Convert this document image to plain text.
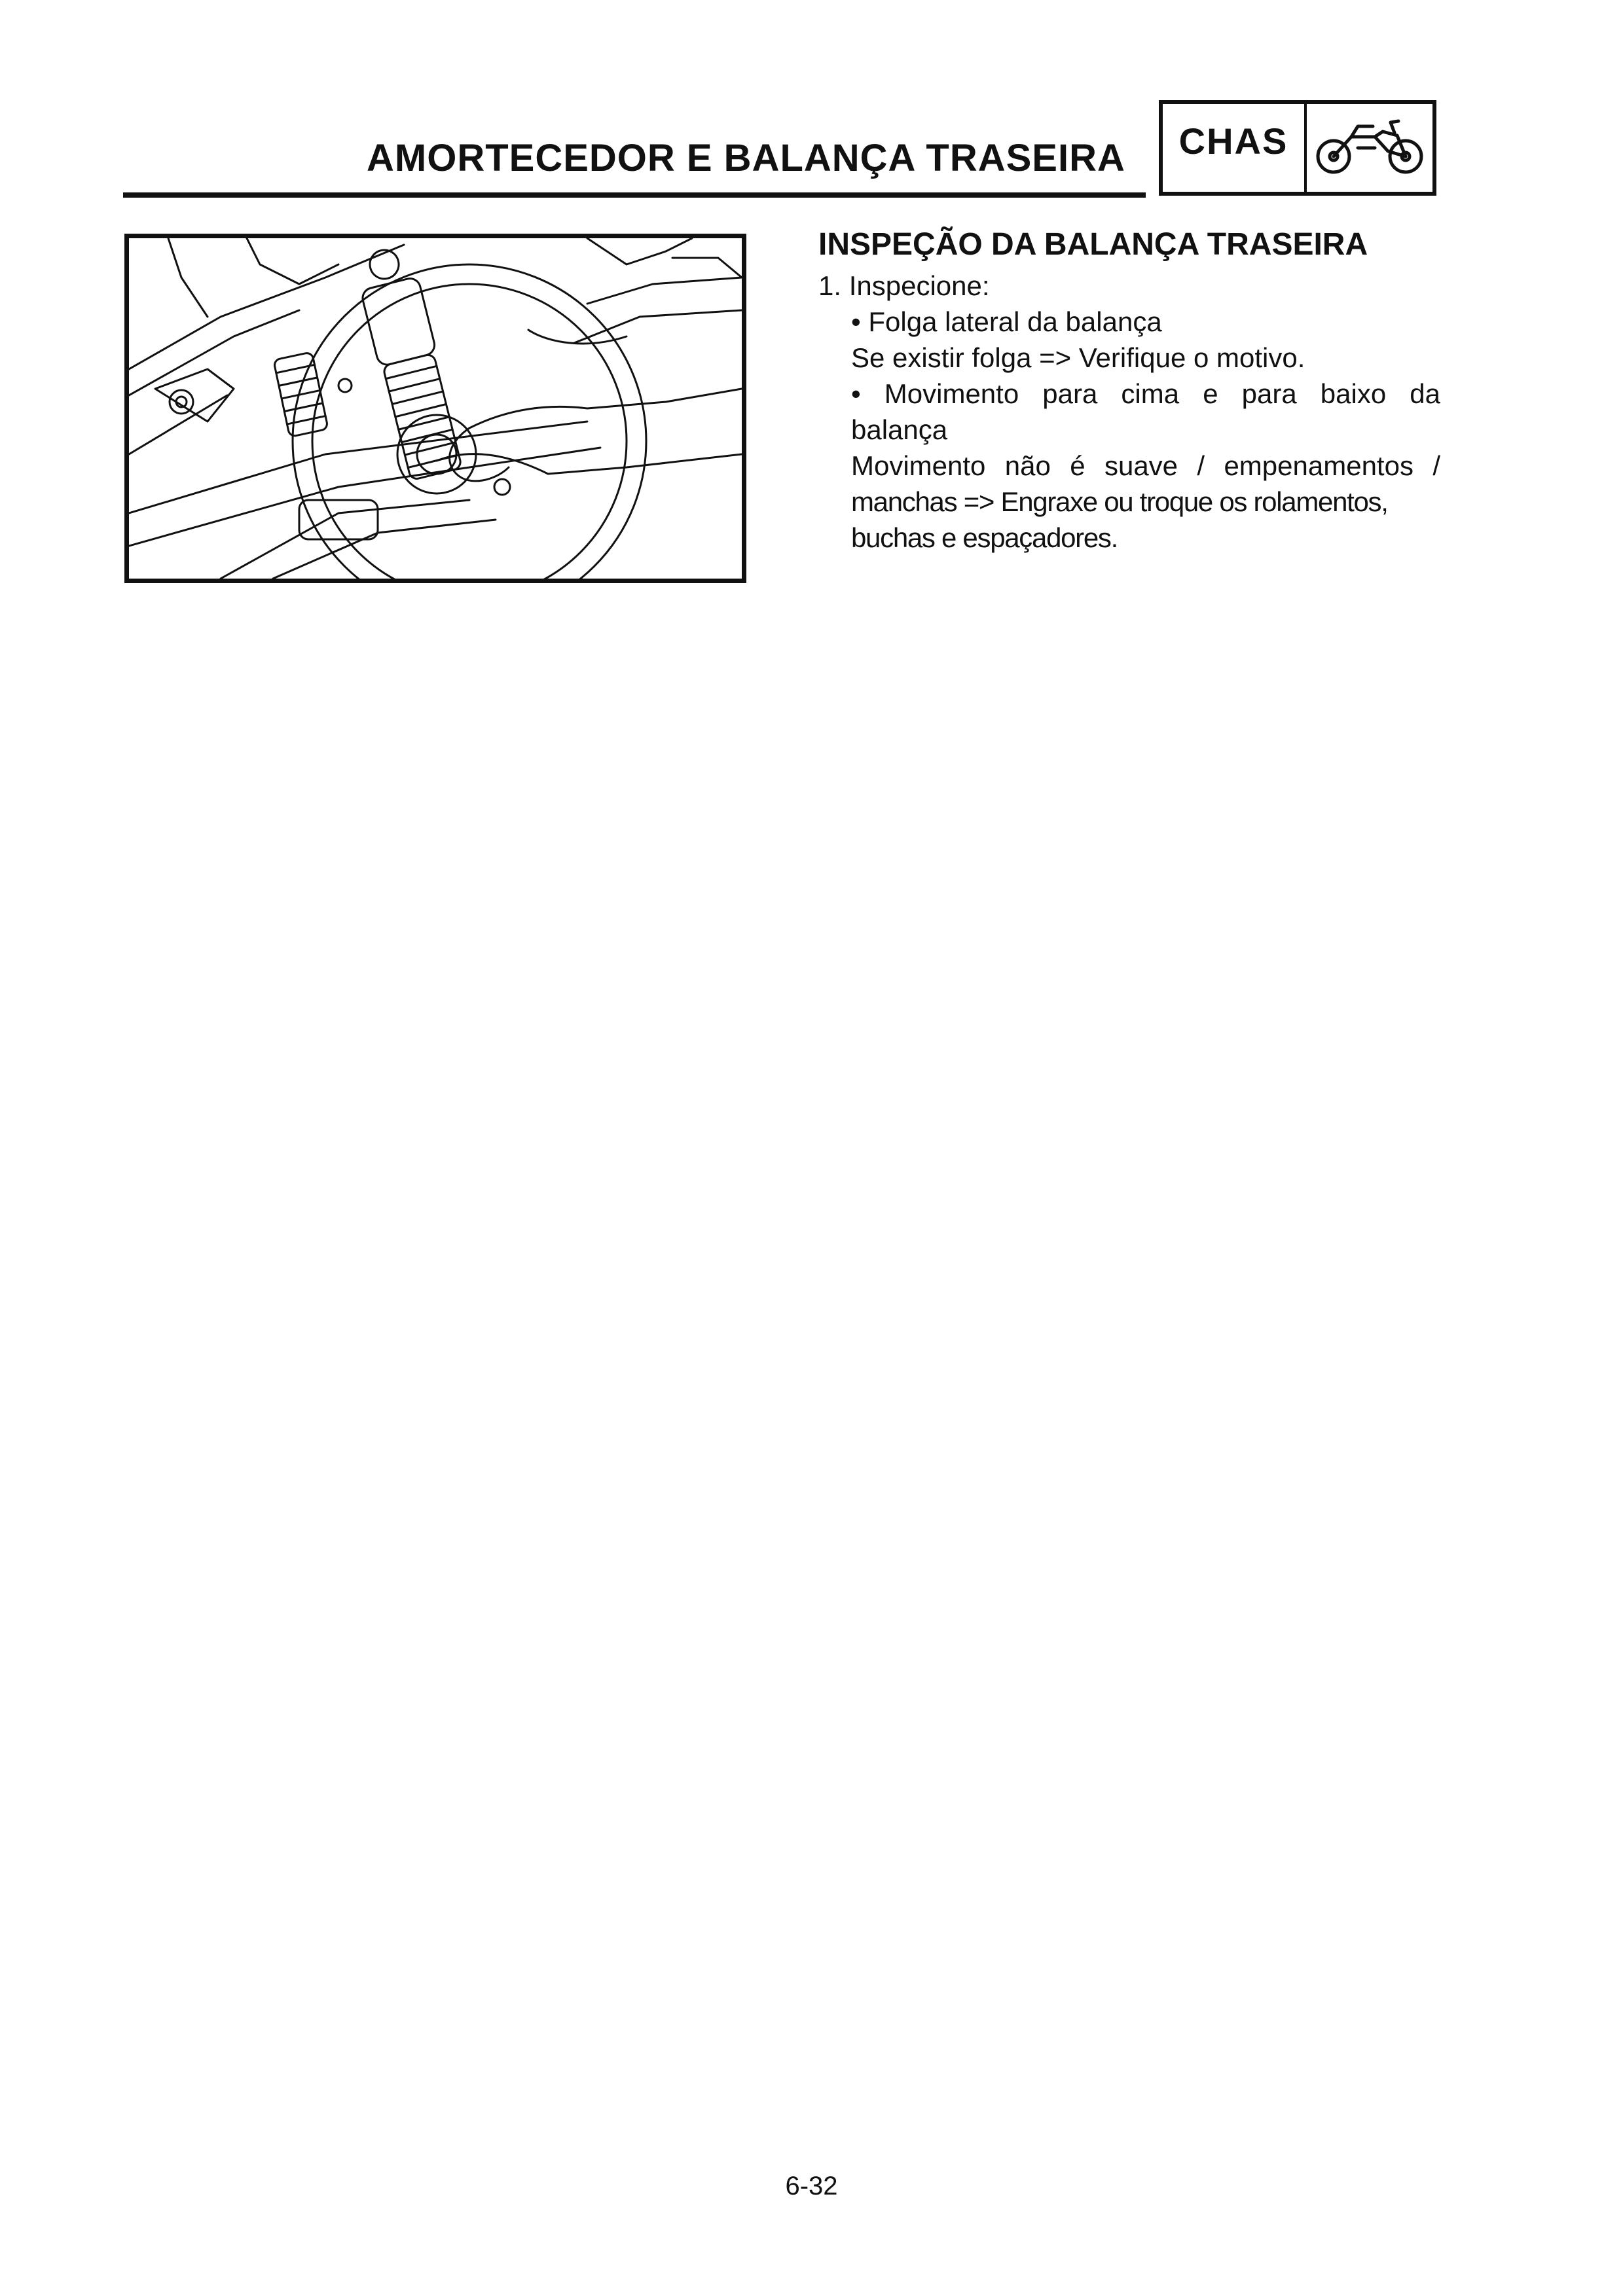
AMORTECEDOR E BALANÇA TRASEIRA	CHAS

INSPEÇÃO DA BALANÇA TRASEIRA

1. Inspecione:

• Folga lateral da balança
Se existir folga => Verifique o motivo.
• Movimento para cima e para baixo da
balança
Movimento não é suave / empenamentos /
manchas => Engraxe ou troque os rolamentos,
buchas e espaçadores.
6-32
